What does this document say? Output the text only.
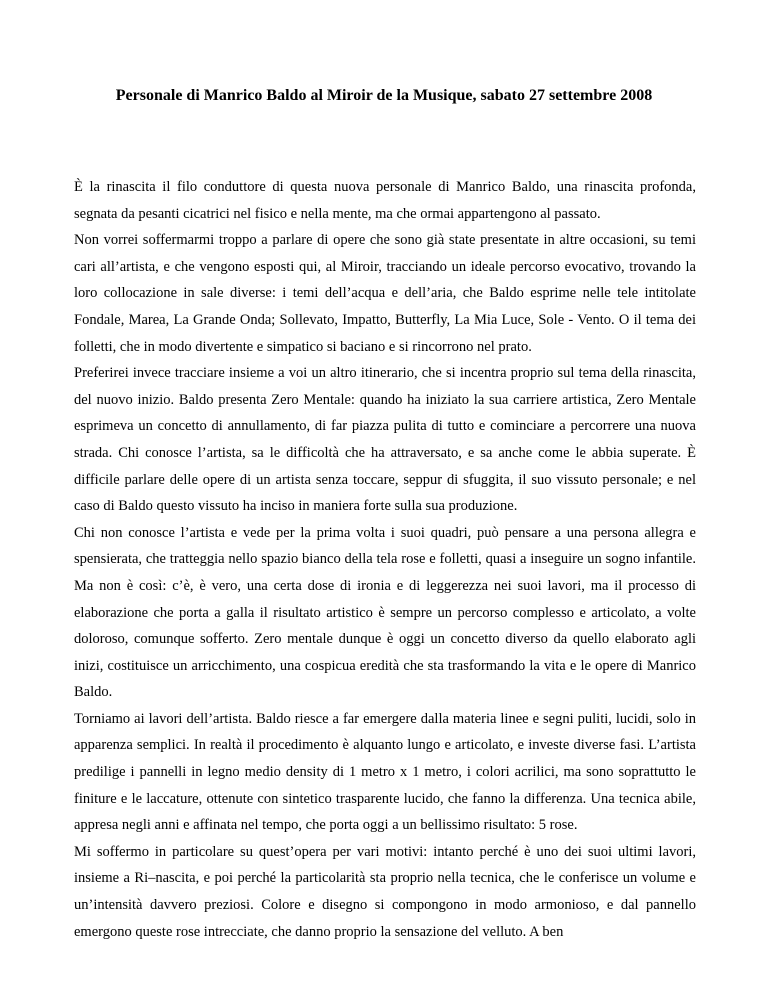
Personale di Manrico Baldo al Miroir de la Musique, sabato 27 settembre 2008

È la rinascita il filo conduttore di questa nuova personale di Manrico Baldo, una rinascita profonda, segnata da pesanti cicatrici nel fisico e nella mente, ma che ormai appartengono al passato.

Non vorrei soffermarmi troppo a parlare di opere che sono già state presentate in altre occasioni, su temi cari all’artista, e che vengono esposti qui, al Miroir, tracciando un ideale percorso evocativo, trovando la loro collocazione in sale diverse: i temi dell’acqua e dell’aria, che Baldo esprime nelle tele intitolate Fondale, Marea, La Grande Onda; Sollevato, Impatto, Butterfly, La Mia Luce, Sole - Vento. O il tema dei folletti, che in modo divertente e simpatico si baciano e si rincorrono nel prato.

Preferirei invece tracciare insieme a voi un altro itinerario, che si incentra proprio sul tema della rinascita, del nuovo inizio. Baldo presenta Zero Mentale: quando ha iniziato la sua carriere artistica, Zero Mentale esprimeva un concetto di annullamento, di far piazza pulita di tutto e cominciare a percorrere una nuova strada. Chi conosce l’artista, sa le difficoltà che ha attraversato, e sa anche come le abbia superate. È difficile parlare delle opere di un artista senza toccare, seppur di sfuggita, il suo vissuto personale; e nel caso di Baldo questo vissuto ha inciso in maniera forte sulla sua produzione.

Chi non conosce l’artista e vede per la prima volta i suoi quadri, può pensare a una persona allegra e spensierata, che tratteggia nello spazio bianco della tela rose e folletti, quasi a inseguire un sogno infantile. Ma non è così: c’è, è vero, una certa dose di ironia e di leggerezza nei suoi lavori, ma il processo di elaborazione che porta a galla il risultato artistico è sempre un percorso complesso e articolato, a volte doloroso, comunque sofferto. Zero mentale dunque è oggi un concetto diverso da quello elaborato agli inizi, costituisce un arricchimento, una cospicua eredità che sta trasformando la vita e le opere di Manrico Baldo.

Torniamo ai lavori dell’artista. Baldo riesce a far emergere dalla materia linee e segni puliti, lucidi, solo in apparenza semplici. In realtà il procedimento è alquanto lungo e articolato, e investe diverse fasi. L’artista predilige i pannelli in legno medio density di 1 metro x 1 metro, i colori acrilici, ma sono soprattutto le finiture e le laccature, ottenute con sintetico trasparente lucido, che fanno la differenza. Una tecnica abile, appresa negli anni e affinata nel tempo, che porta oggi a un bellissimo risultato: 5 rose.

Mi soffermo in particolare su quest’opera per vari motivi: intanto perché è uno dei suoi ultimi lavori, insieme a Ri–nascita, e poi perché la particolarità sta proprio nella tecnica, che le conferisce un volume e un’intensità davvero preziosi. Colore e disegno si compongono in modo armonioso, e dal pannello emergono queste rose intrecciate, che danno proprio la sensazione del velluto. A ben
